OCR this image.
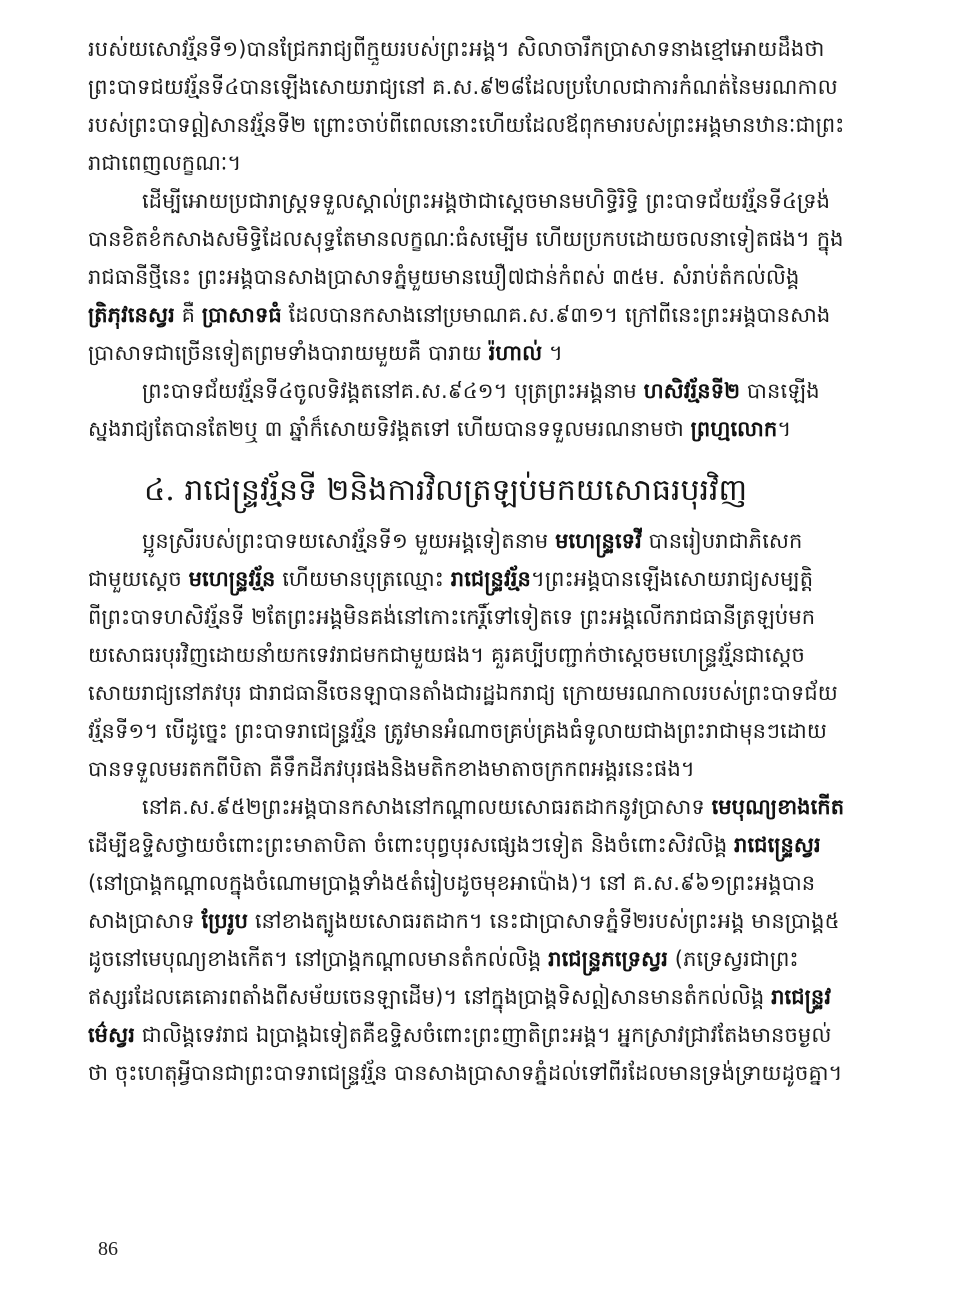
របស់យសោវរ្ម័នទី១)បានជ្រែករាជ្យពីក្មួយរបស់ព្រះអង្គ។ សិលាចារឹកប្រាសាទនាងខ្មៅអោយដឹងថា
ព្រះបាទជយវរ្ម័នទី៤បានឡើងសោយរាជ្យនៅ គ.ស.៩២៨ដែលប្រហែលជាការកំណត់នៃមរណកាល
របស់ព្រះបាទឦសានវរ្ម័នទី២ ព្រោះចាប់ពីពេលនោះហើយដែលឪពុកមារបស់ព្រះអង្គមានឋានៈជាព្រះ
រាជាពេញលក្ខណៈ។
ដើម្បីអោយប្រជារាស្ត្រទទួលស្គាល់ព្រះអង្គថាជាស្ដេចមានមហិទ្ធិរិទ្ធិ ព្រះបាទជ័យវរ្ម័នទី៤ទ្រង់
បានខិតខំកសាងសមិទ្ធិដែលសុទ្ធតែមានលក្ខណៈធំសម្បើម ហើយប្រកបដោយចលនាទៀតផង។ ក្នុង
រាជធានីថ្មីនេះ ព្រះអង្គបានសាងប្រាសាទភ្នំមួយមានឃឿ៧ជាន់កំពស់ ៣៥ម. សំរាប់តំកល់លិង្គ
ត្រិភុវនេស្វរ គឺ ប្រាសាទធំ ដែលបានកសាងនៅប្រមាណគ.ស.៩៣១។ ក្រៅពីនេះព្រះអង្គបានសាង
ប្រាសាទជាច្រើនទៀតព្រមទាំងបារាយមួយគឺ បារាយ រ៉ហាល់ ។
ព្រះបាទជ័យវរ្ម័នទី៤ចូលទិវង្គតនៅគ.ស.៩៤១។ បុត្រព្រះអង្គនាម ហសិវរ្ម័នទី២ បានឡើង
ស្នងរាជ្យតែបានតែ២ឬ ៣ ឆ្នាំក៏សោយទិវង្គតទៅ ហើយបានទទួលមរណនាមថា ព្រហ្មលោក។
៤. រាជេន្ទ្រវរ្ម័នទី ២និងការវិលត្រឡប់មកយសោធរបុរវិញ
ប្អូនស្រីរបស់ព្រះបាទយសោវរ្ម័នទី១ មួយអង្គទៀតនាម មហេន្ទ្រទេវី បានរៀបរាជាភិសេក
ជាមួយស្ដេច មហេន្ទ្រវរ្ម័ន ហើយមានបុត្រឈ្មោះ រាជេន្ទ្រវរ្ម័ន។ព្រះអង្គបានឡើងសោយរាជ្យសម្បត្តិ
ពីព្រះបាទហសិវរ្ម័នទី ២តែព្រះអង្គមិនគង់នៅកោះកេរ្តិ៍ទៅទៀតទេ ព្រះអង្គលើករាជធានីត្រឡប់មក
យសោធរបុរវិញដោយនាំយកទេវរាជមកជាមួយផង។ គួរគប្បីបញ្ជាក់ថាស្ដេចមហេន្ទ្រវរ្ម័នជាស្ដេច
សោយរាជ្យនៅភវបុរ ជារាជធានីចេនឡាបានតាំងជារដ្ឋឯករាជ្យ ក្រោយមរណកាលរបស់ព្រះបាទជ័យ
វរ្ម័នទី១។ បើដូច្នេះ ព្រះបាទរាជេន្ទ្រវរ្ម័ន ត្រូវមានអំណាចគ្រប់គ្រងធំទូលាយជាងព្រះរាជាមុនៗដោយ
បានទទួលមរតកពីបិតា គឺទឹកដីភវបុរផងនិងមតិកខាងមាតាចក្រកពអង្គរនេះផង។
នៅគ.ស.៩៥២ព្រះអង្គបានកសាងនៅកណ្ដាលយសោធរតដាកនូវប្រាសាទ មេបុណ្យខាងកើត
ដើម្បីឧទ្ទិសថ្វាយចំពោះព្រះមាតាបិតា ចំពោះបុព្វបុរសផ្សេងៗទៀត និងចំពោះសិវលិង្គ រាជេន្ទ្រេស្វរ
(នៅប្រាង្គកណ្ដាលក្នុងចំណោមប្រាង្គទាំង៥តំរៀបដូចមុខអាប៉ោង)។ នៅ គ.ស.៩៦១ព្រះអង្គបាន
សាងប្រាសាទ ប្រែរូប នៅខាងត្បូងយសោធរតដាក។ នេះជាប្រាសាទភ្នំទី២របស់ព្រះអង្គ មានប្រាង្គ៥
ដូចនៅមេបុណ្យខាងកើត។ នៅប្រាង្គកណ្ដាលមានតំកល់លិង្គ រាជេន្ទ្រភទ្រេស្វរ (ភទ្រេស្វរជាព្រះ
ឥស្សរដែលគេគោរពតាំងពីសម័យចេនឡាដើម)។ នៅក្នុងប្រាង្គទិសឦសានមានតំកល់លិង្គ រាជេន្ទ្រវ
ម៌េស្វរ ជាលិង្គទេវរាជ ឯប្រាង្គឯទៀតគឺឧទ្ទិសចំពោះព្រះញាតិព្រះអង្គ។ អ្នកស្រាវជ្រាវតែងមានចម្ងល់
ថា ចុះហេតុអ្វីបានជាព្រះបាទរាជេន្ទ្រវរ្ម័ន បានសាងប្រាសាទភ្នំដល់ទៅពីរដែលមានទ្រង់ទ្រាយដូចគ្នា។
86
